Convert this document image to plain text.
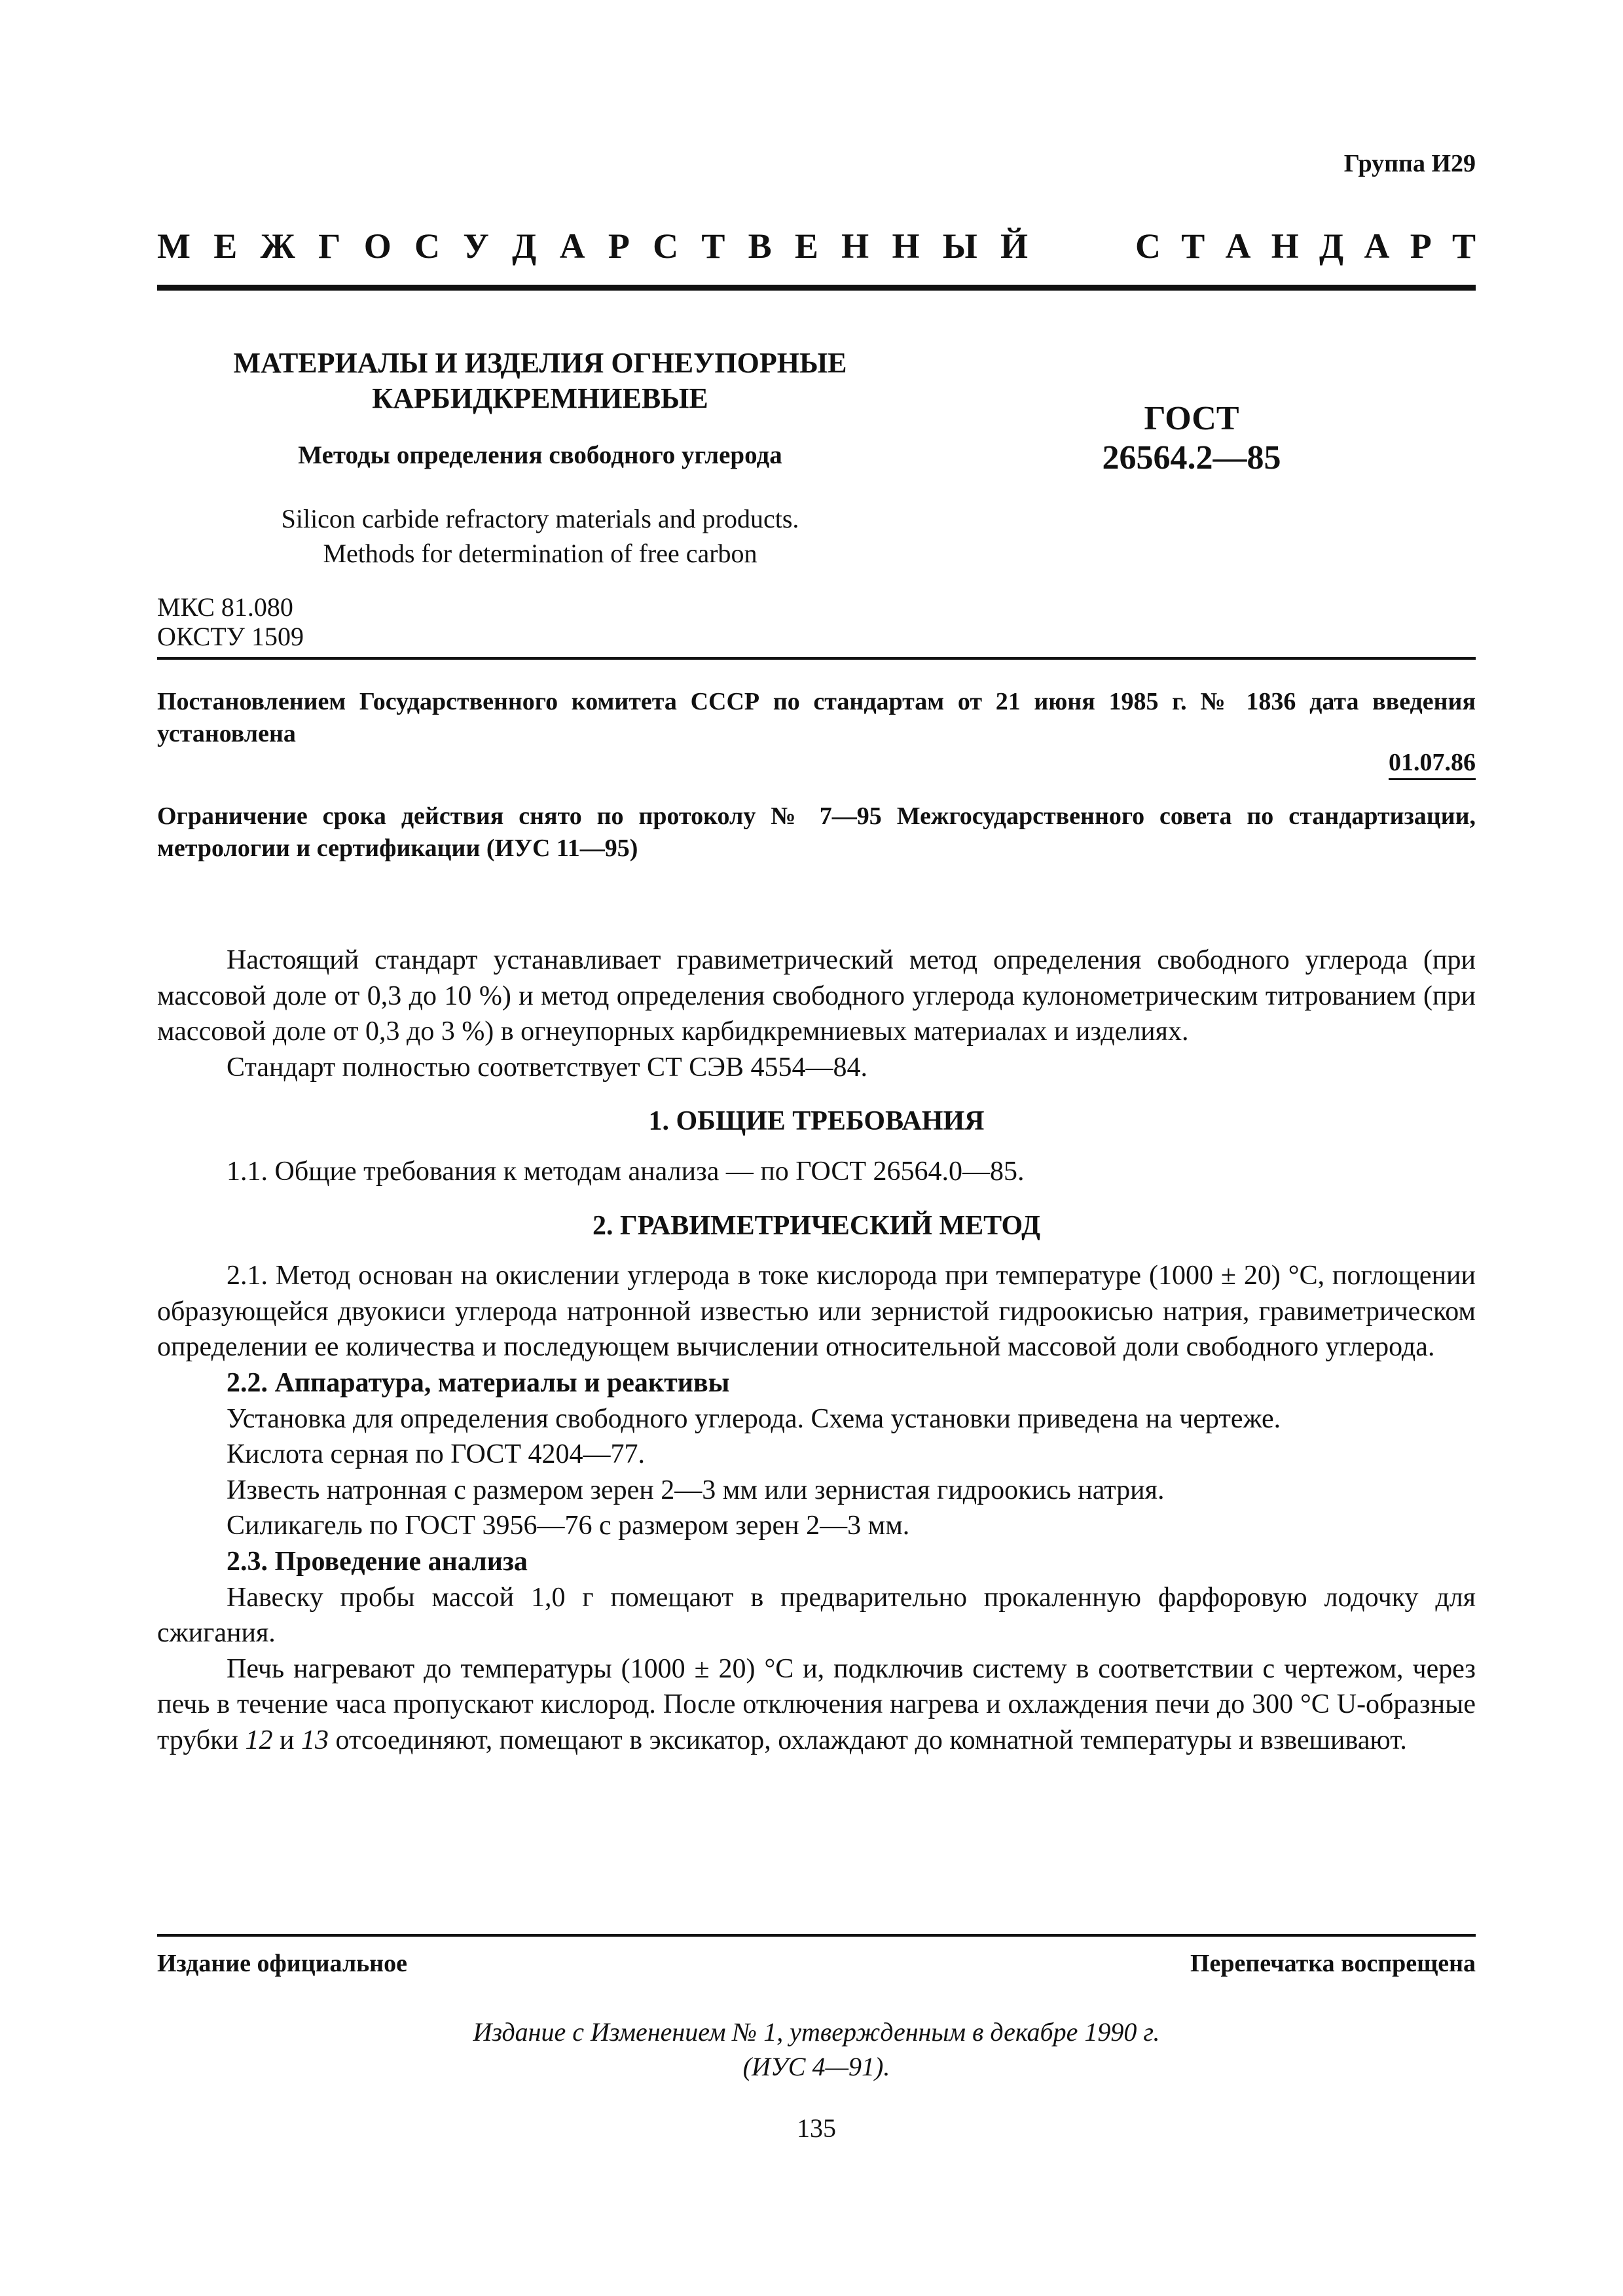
Группа И29
М Е Ж Г О С У Д А Р С Т В Е Н Н Ы Й	С Т А Н Д А Р Т
МАТЕРИАЛЫ И ИЗДЕЛИЯ ОГНЕУПОРНЫЕ
КАРБИДКРЕМНИЕВЫЕ
Методы определения свободного углерода
Silicon carbide refractory materials and products.
Methods for determination of free carbon
ГОСТ
26564.2—85
МКС 81.080
ОКСТУ 1509
Постановлением Государственного комитета СССР по стандартам от 21 июня 1985 г. № 1836 дата введения установлена
01.07.86
Ограничение срока действия снято по протоколу № 7—95 Межгосударственного совета по стандартизации, метрологии и сертификации (ИУС 11—95)

Настоящий стандарт устанавливает гравиметрический метод определения свободного углерода (при массовой доле от 0,3 до 10 %) и метод определения свободного углерода кулонометрическим титрованием (при массовой доле от 0,3 до 3 %) в огнеупорных карбидкремниевых материалах и изделиях.

Стандарт полностью соответствует СТ СЭВ 4554—84.

1. ОБЩИЕ ТРЕБОВАНИЯ

1.1. Общие требования к методам анализа — по ГОСТ 26564.0—85.

2. ГРАВИМЕТРИЧЕСКИЙ МЕТОД

2.1. Метод основан на окислении углерода в токе кислорода при температуре (1000 ± 20) °С, поглощении образующейся двуокиси углерода натронной известью или зернистой гидроокисью натрия, гравиметрическом определении ее количества и последующем вычислении относительной массовой доли свободного углерода.

2.2. Аппаратура, материалы и реактивы

Установка для определения свободного углерода. Схема установки приведена на чертеже.

Кислота серная по ГОСТ 4204—77.

Известь натронная с размером зерен 2—3 мм или зернистая гидроокись натрия.

Силикагель по ГОСТ 3956—76 с размером зерен 2—3 мм.

2.3. Проведение анализа

Навеску пробы массой 1,0 г помещают в предварительно прокаленную фарфоровую лодочку для сжигания.

Печь нагревают до температуры (1000 ± 20) °С и, подключив систему в соответствии с чертежом, через печь в течение часа пропускают кислород. После отключения нагрева и охлаждения печи до 300 °С U-образные трубки 12 и 13 отсоединяют, помещают в эксикатор, охлаждают до комнатной температуры и взвешивают.

Издание официальное	Перепечатка воспрещена
Издание с Изменением № 1, утвержденным в декабре 1990 г.
(ИУС 4—91).
135
